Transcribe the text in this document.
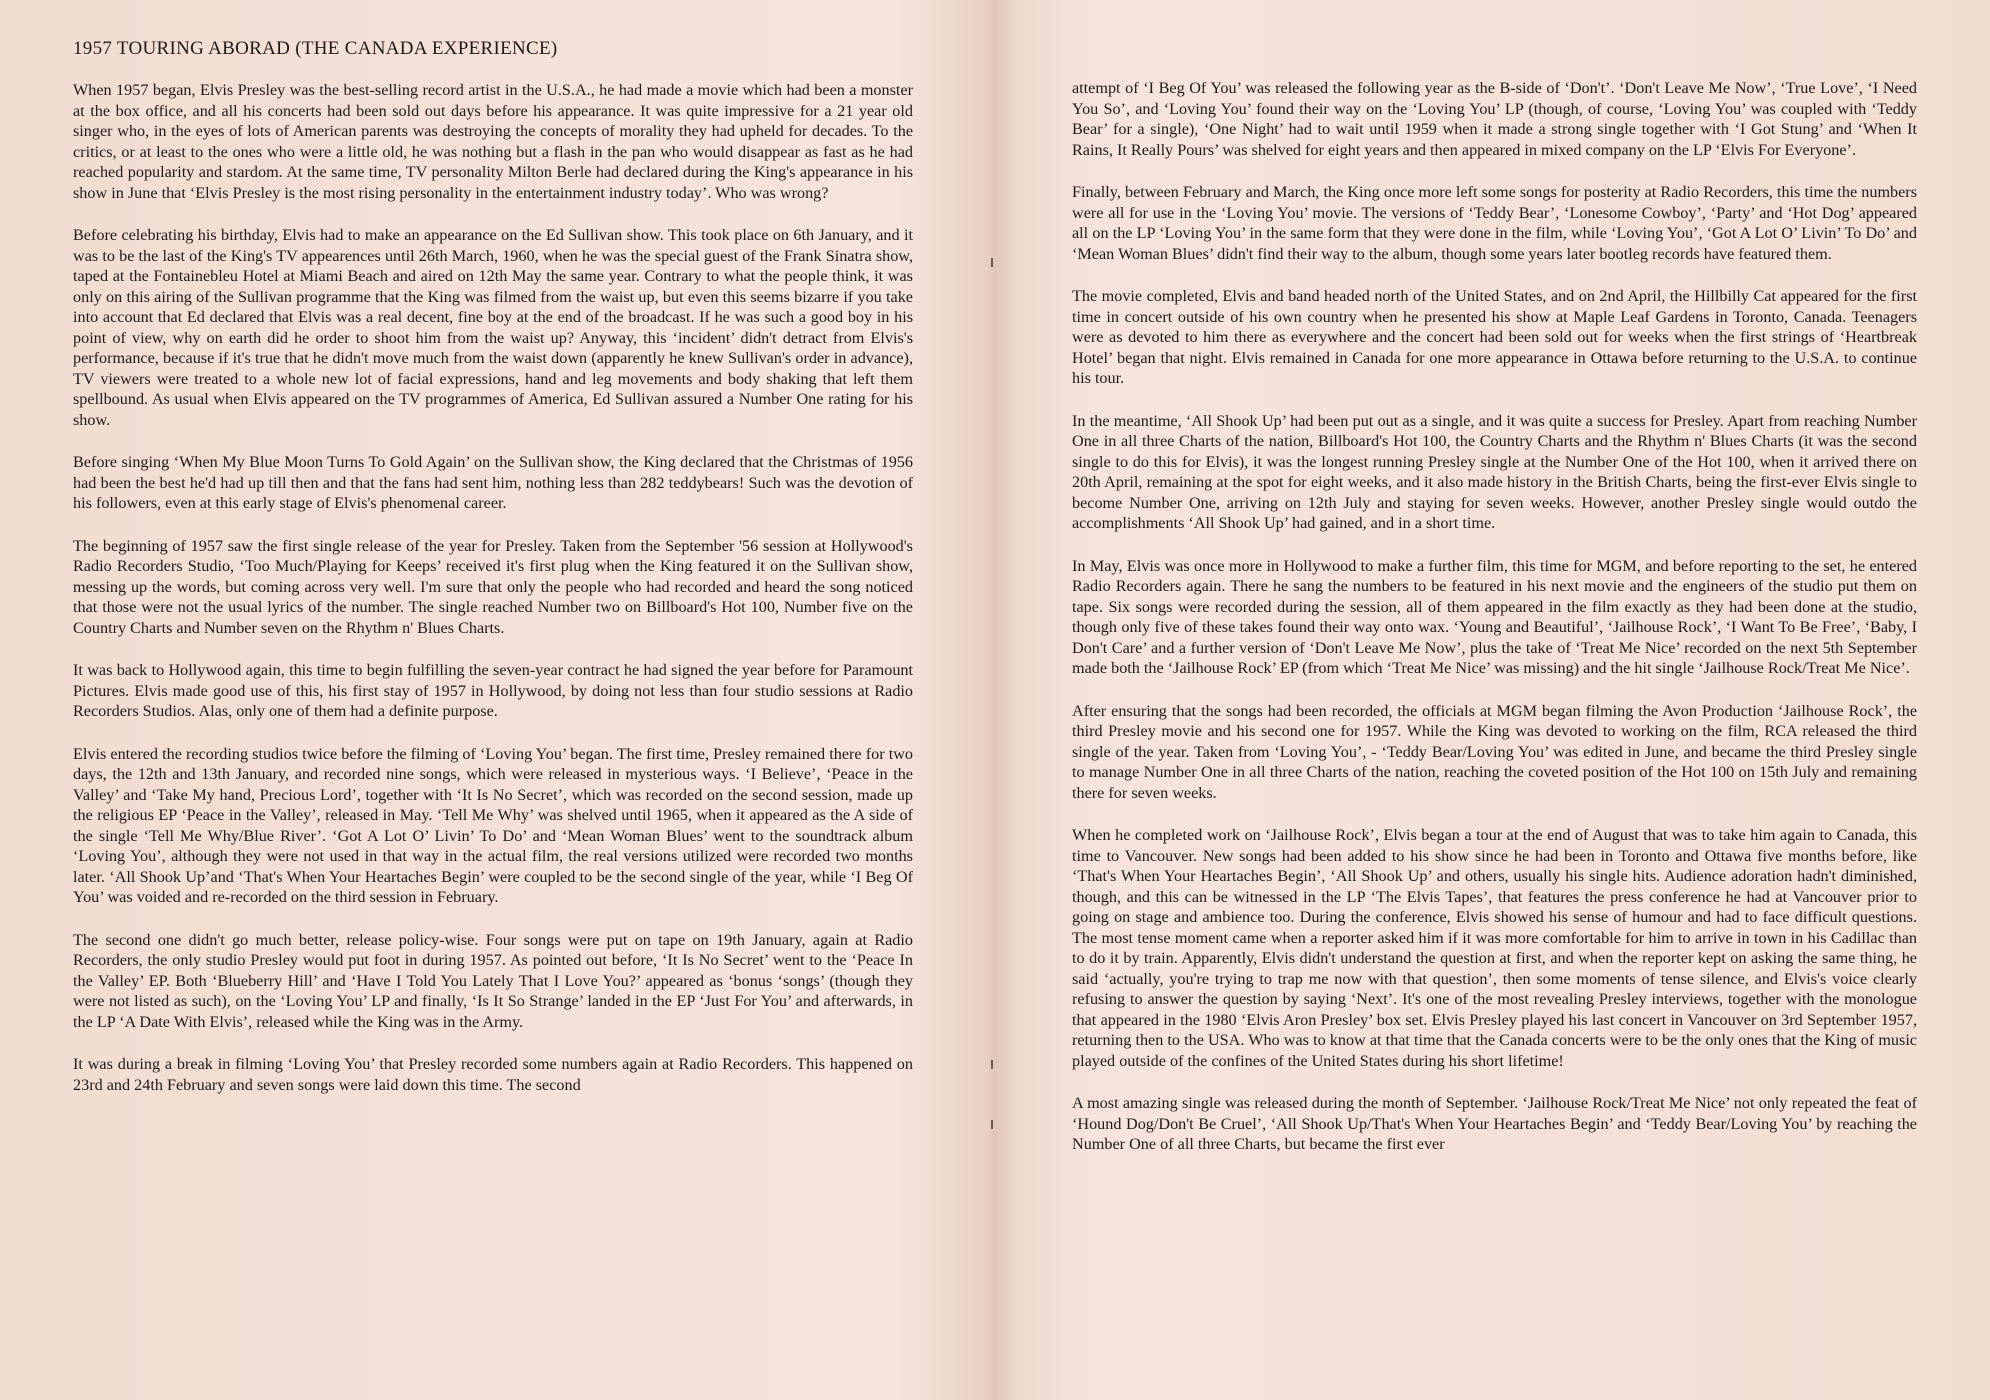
1957 TOURING ABORAD (THE CANADA EXPERIENCE)

When 1957 began, Elvis Presley was the best-selling record artist in the U.S.A., he had made a movie which had been a monster at the box office, and all his concerts had been sold out days before his appearance. It was quite impressive for a 21 year old singer who, in the eyes of lots of American parents was destroying the concepts of morality they had upheld for decades. To the critics, or at least to the ones who were a little old, he was nothing but a flash in the pan who would disappear as fast as he had reached popularity and stardom. At the same time, TV personality Milton Berle had declared during the King's appearance in his show in June that ‘Elvis Presley is the most rising personality in the entertainment industry today’. Who was wrong?

Before celebrating his birthday, Elvis had to make an appearance on the Ed Sullivan show. This took place on 6th January, and it was to be the last of the King's TV appearences until 26th March, 1960, when he was the special guest of the Frank Sinatra show, taped at the Fontainebleu Hotel at Miami Beach and aired on 12th May the same year. Contrary to what the people think, it was only on this airing of the Sullivan programme that the King was filmed from the waist up, but even this seems bizarre if you take into account that Ed declared that Elvis was a real decent, fine boy at the end of the broadcast. If he was such a good boy in his point of view, why on earth did he order to shoot him from the waist up? Anyway, this ‘incident’ didn't detract from Elvis's performance, because if it's true that he didn't move much from the waist down (apparently he knew Sullivan's order in advance), TV viewers were treated to a whole new lot of facial expressions, hand and leg movements and body shaking that left them spellbound. As usual when Elvis appeared on the TV programmes of America, Ed Sullivan assured a Number One rating for his show.

Before singing ‘When My Blue Moon Turns To Gold Again’ on the Sullivan show, the King declared that the Christmas of 1956 had been the best he'd had up till then and that the fans had sent him, nothing less than 282 teddybears! Such was the devotion of his followers, even at this early stage of Elvis's phenomenal career.

The beginning of 1957 saw the first single release of the year for Presley. Taken from the September '56 session at Hollywood's Radio Recorders Studio, ‘Too Much/Playing for Keeps’ received it's first plug when the King featured it on the Sullivan show, messing up the words, but coming across very well. I'm sure that only the people who had recorded and heard the song noticed that those were not the usual lyrics of the number. The single reached Number two on Billboard's Hot 100, Number five on the Country Charts and Number seven on the Rhythm n' Blues Charts.

It was back to Hollywood again, this time to begin fulfilling the seven-year contract he had signed the year before for Paramount Pictures. Elvis made good use of this, his first stay of 1957 in Hollywood, by doing not less than four studio sessions at Radio Recorders Studios. Alas, only one of them had a definite purpose.

Elvis entered the recording studios twice before the filming of ‘Loving You’ began. The first time, Presley remained there for two days, the 12th and 13th January, and recorded nine songs, which were released in mysterious ways. ‘I Believe’, ‘Peace in the Valley’ and ‘Take My hand, Precious Lord’, together with ‘It Is No Secret’, which was recorded on the second session, made up the religious EP ‘Peace in the Valley’, released in May. ‘Tell Me Why’ was shelved until 1965, when it appeared as the A side of the single ‘Tell Me Why/Blue River’. ‘Got A Lot O’ Livin’ To Do’ and ‘Mean Woman Blues’ went to the soundtrack album ‘Loving You’, although they were not used in that way in the actual film, the real versions utilized were recorded two months later. ‘All Shook Up’and ‘That's When Your Heartaches Begin’ were coupled to be the second single of the year, while ‘I Beg Of You’ was voided and re-recorded on the third session in February.

The second one didn't go much better, release policy-wise. Four songs were put on tape on 19th January, again at Radio Recorders, the only studio Presley would put foot in during 1957. As pointed out before, ‘It Is No Secret’ went to the ‘Peace In the Valley’ EP. Both ‘Blueberry Hill’ and ‘Have I Told You Lately That I Love You?’ appeared as ‘bonus ‘songs’ (though they were not listed as such), on the ‘Loving You’ LP and finally, ‘Is It So Strange’ landed in the EP ‘Just For You’ and afterwards, in the LP ‘A Date With Elvis’, released while the King was in the Army.

It was during a break in filming ‘Loving You’ that Presley recorded some numbers again at Radio Recorders. This happened on 23rd and 24th February and seven songs were laid down this time. The second

attempt of ‘I Beg Of You’ was released the following year as the B-side of ‘Don't’. ‘Don't Leave Me Now’, ‘True Love’, ‘I Need You So’, and ‘Loving You’ found their way on the ‘Loving You’ LP (though, of course, ‘Loving You’ was coupled with ‘Teddy Bear’ for a single), ‘One Night’ had to wait until 1959 when it made a strong single together with ‘I Got Stung’ and ‘When It Rains, It Really Pours’ was shelved for eight years and then appeared in mixed company on the LP ‘Elvis For Everyone’.

Finally, between February and March, the King once more left some songs for posterity at Radio Recorders, this time the numbers were all for use in the ‘Loving You’ movie. The versions of ‘Teddy Bear’, ‘Lonesome Cowboy’, ‘Party’ and ‘Hot Dog’ appeared all on the LP ‘Loving You’ in the same form that they were done in the film, while ‘Loving You’, ‘Got A Lot O’ Livin’ To Do’ and ‘Mean Woman Blues’ didn't find their way to the album, though some years later bootleg records have featured them.

The movie completed, Elvis and band headed north of the United States, and on 2nd April, the Hillbilly Cat appeared for the first time in concert outside of his own country when he presented his show at Maple Leaf Gardens in Toronto, Canada. Teenagers were as devoted to him there as everywhere and the concert had been sold out for weeks when the first strings of ‘Heartbreak Hotel’ began that night. Elvis remained in Canada for one more appearance in Ottawa before returning to the U.S.A. to continue his tour.

In the meantime, ‘All Shook Up’ had been put out as a single, and it was quite a success for Presley. Apart from reaching Number One in all three Charts of the nation, Billboard's Hot 100, the Country Charts and the Rhythm n' Blues Charts (it was the second single to do this for Elvis), it was the longest running Presley single at the Number One of the Hot 100, when it arrived there on 20th April, remaining at the spot for eight weeks, and it also made history in the British Charts, being the first-ever Elvis single to become Number One, arriving on 12th July and staying for seven weeks. However, another Presley single would outdo the accomplishments ‘All Shook Up’ had gained, and in a short time.

In May, Elvis was once more in Hollywood to make a further film, this time for MGM, and before reporting to the set, he entered Radio Recorders again. There he sang the numbers to be featured in his next movie and the engineers of the studio put them on tape. Six songs were recorded during the session, all of them appeared in the film exactly as they had been done at the studio, though only five of these takes found their way onto wax. ‘Young and Beautiful’, ‘Jailhouse Rock’, ‘I Want To Be Free’, ‘Baby, I Don't Care’ and a further version of ‘Don't Leave Me Now’, plus the take of ‘Treat Me Nice’ recorded on the next 5th September made both the ‘Jailhouse Rock’ EP (from which ‘Treat Me Nice’ was missing) and the hit single ‘Jailhouse Rock/Treat Me Nice’.

After ensuring that the songs had been recorded, the officials at MGM began filming the Avon Production ‘Jailhouse Rock’, the third Presley movie and his second one for 1957. While the King was devoted to working on the film, RCA released the third single of the year. Taken from ‘Loving You’, - ‘Teddy Bear/Loving You’ was edited in June, and became the third Presley single to manage Number One in all three Charts of the nation, reaching the coveted position of the Hot 100 on 15th July and remaining there for seven weeks.

When he completed work on ‘Jailhouse Rock’, Elvis began a tour at the end of August that was to take him again to Canada, this time to Vancouver. New songs had been added to his show since he had been in Toronto and Ottawa five months before, like ‘That's When Your Heartaches Begin’, ‘All Shook Up’ and others, usually his single hits. Audience adoration hadn't diminished, though, and this can be witnessed in the LP ‘The Elvis Tapes’, that features the press conference he had at Vancouver prior to going on stage and ambience too. During the conference, Elvis showed his sense of humour and had to face difficult questions. The most tense moment came when a reporter asked him if it was more comfortable for him to arrive in town in his Cadillac than to do it by train. Apparently, Elvis didn't understand the question at first, and when the reporter kept on asking the same thing, he said ‘actually, you're trying to trap me now with that question’, then some moments of tense silence, and Elvis's voice clearly refusing to answer the question by saying ‘Next’. It's one of the most revealing Presley interviews, together with the monologue that appeared in the 1980 ‘Elvis Aron Presley’ box set. Elvis Presley played his last concert in Vancouver on 3rd September 1957, returning then to the USA. Who was to know at that time that the Canada concerts were to be the only ones that the King of music played outside of the confines of the United States during his short lifetime!

A most amazing single was released during the month of September. ‘Jailhouse Rock/Treat Me Nice’ not only repeated the feat of ‘Hound Dog/Don't Be Cruel’, ‘All Shook Up/That's When Your Heartaches Begin’ and ‘Teddy Bear/Loving You’ by reaching the Number One of all three Charts, but became the first ever
